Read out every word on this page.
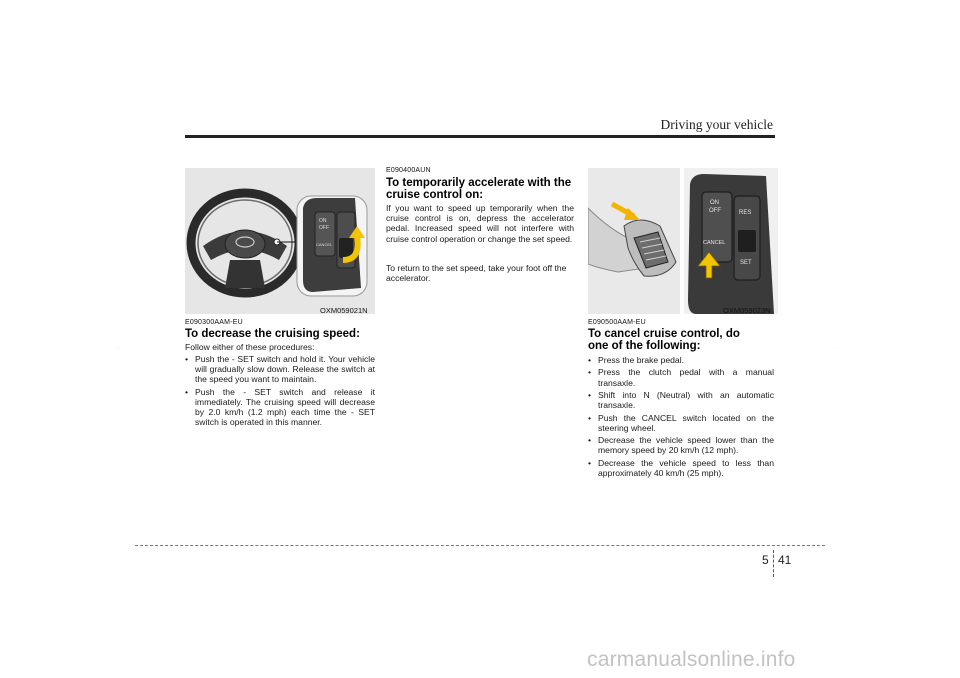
Driving your vehicle
.	.
ON
OFF
CANCEL
OXM059021N
E090300AAM-EU
To decrease the cruising speed:

Follow either of these procedures:

• Push the - SET switch and hold it. Your vehicle will gradually slow down. Release the switch at the speed you want to maintain.
• Push the - SET switch and release it immediately. The cruising speed will decrease by 2.0 km/h (1.2 mph) each time the - SET switch is operated in this manner.
E090400AUN
To temporarily accelerate with the cruise control on:

If you want to speed up temporarily when the cruise control is on, depress the accelerator pedal. Increased speed will not interfere with cruise control operation or change the set speed.

To return to the set speed, take your foot off the accelerator.

ON
OFF	RES
SET
CANCEL
OXM059023N
E090500AAM-EU
To cancel cruise control, do one of the following:
• Press the brake pedal.
• Press the clutch pedal with a manual transaxle.
• Shift into N (Neutral) with an automatic transaxle.
• Push the CANCEL switch located on the steering wheel.
• Decrease the vehicle speed lower than the memory speed by 20 km/h (12 mph).
• Decrease the vehicle speed to less than approximately 40 km/h (25 mph).
5 41
carmanualsonline.info
